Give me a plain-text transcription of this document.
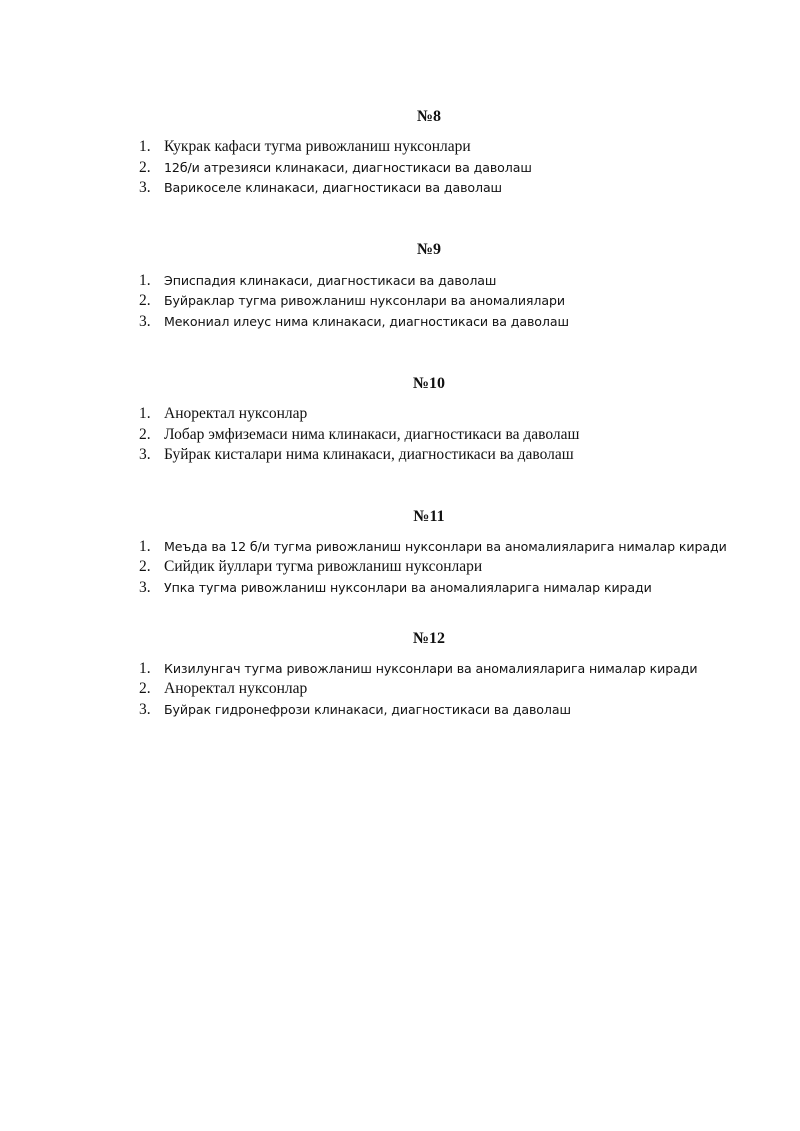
№8
1. Кукрак кафаси тугма ривожланиш нуксонлари
2. 12б/и атрезияси клинакаси, диагностикаси ва даволаш
3. Варикоселе клинакаси, диагностикаси ва даволаш
№9
1. Эписпадия клинакаси, диагностикаси ва даволаш
2. Буйраклар тугма ривожланиш нуксонлари ва аномалиялари
3. Мекониал илеус нима клинакаси, диагностикаси ва даволаш
№10
1. Аноректал нуксонлар
2. Лобар эмфиземаси нима клинакаси, диагностикаси ва даволаш
3. Буйрак кисталари нима клинакаси, диагностикаси ва даволаш
№11
1. Меъда ва 12 б/и тугма ривожланиш нуксонлари ва аномалияларига нималар киради
2. Сийдик йуллари тугма ривожланиш нуксонлари
3. Упка тугма ривожланиш нуксонлари ва аномалияларига нималар киради
№12
1. Кизилунгач тугма ривожланиш нуксонлари ва аномалияларига нималар киради
2. Аноректал нуксонлар
3. Буйрак гидронефрози клинакаси, диагностикаси ва даволаш
